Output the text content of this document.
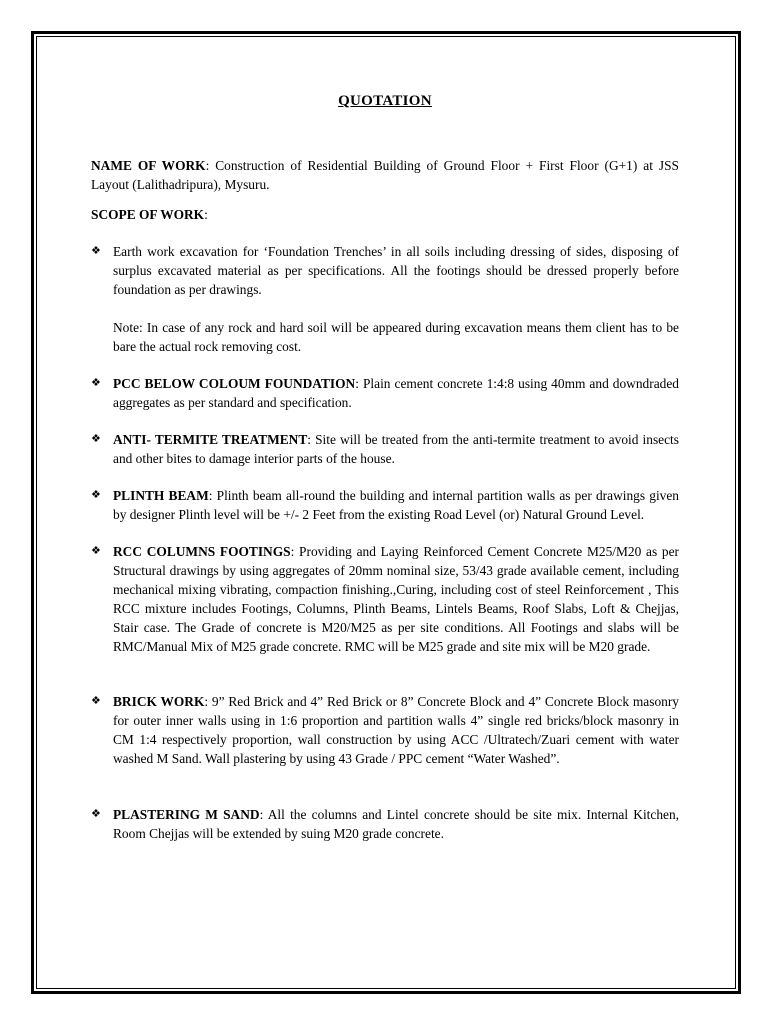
QUOTATION

NAME OF WORK: Construction of Residential Building of Ground Floor + First Floor (G+1) at JSS Layout (Lalithadripura), Mysuru.

SCOPE OF WORK:

❖ Earth work excavation for ‘Foundation Trenches’ in all soils including dressing of sides, disposing of surplus excavated material as per specifications. All the footings should be dressed properly before foundation as per drawings.

Note: In case of any rock and hard soil will be appeared during excavation means them client has to be bare the actual rock removing cost.

❖ PCC BELOW COLOUM FOUNDATION: Plain cement concrete 1:4:8 using 40mm and downdraded aggregates as per standard and specification.
❖ ANTI- TERMITE TREATMENT: Site will be treated from the anti-termite treatment to avoid insects and other bites to damage interior parts of the house.
❖ PLINTH BEAM: Plinth beam all-round the building and internal partition walls as per drawings given by designer Plinth level will be +/- 2 Feet from the existing Road Level (or) Natural Ground Level.
❖ RCC COLUMNS FOOTINGS: Providing and Laying Reinforced Cement Concrete M25/M20 as per Structural drawings by using aggregates of 20mm nominal size, 53/43 grade available cement, including mechanical mixing vibrating, compaction finishing.,Curing, including cost of steel Reinforcement , This RCC mixture includes Footings, Columns, Plinth Beams, Lintels Beams, Roof Slabs, Loft & Chejjas, Stair case. The Grade of concrete is M20/M25 as per site conditions. All Footings and slabs will be RMC/Manual Mix of M25 grade concrete. RMC will be M25 grade and site mix will be M20 grade.
❖ BRICK WORK: 9” Red Brick and 4” Red Brick or 8” Concrete Block and 4” Concrete Block masonry for outer inner walls using in 1:6 proportion and partition walls 4” single red bricks/block masonry in CM 1:4 respectively proportion, wall construction by using ACC /Ultratech/Zuari cement with water washed M Sand. Wall plastering by using 43 Grade / PPC cement “Water Washed”.
❖ PLASTERING M SAND: All the columns and Lintel concrete should be site mix. Internal Kitchen, Room Chejjas will be extended by suing M20 grade concrete.
